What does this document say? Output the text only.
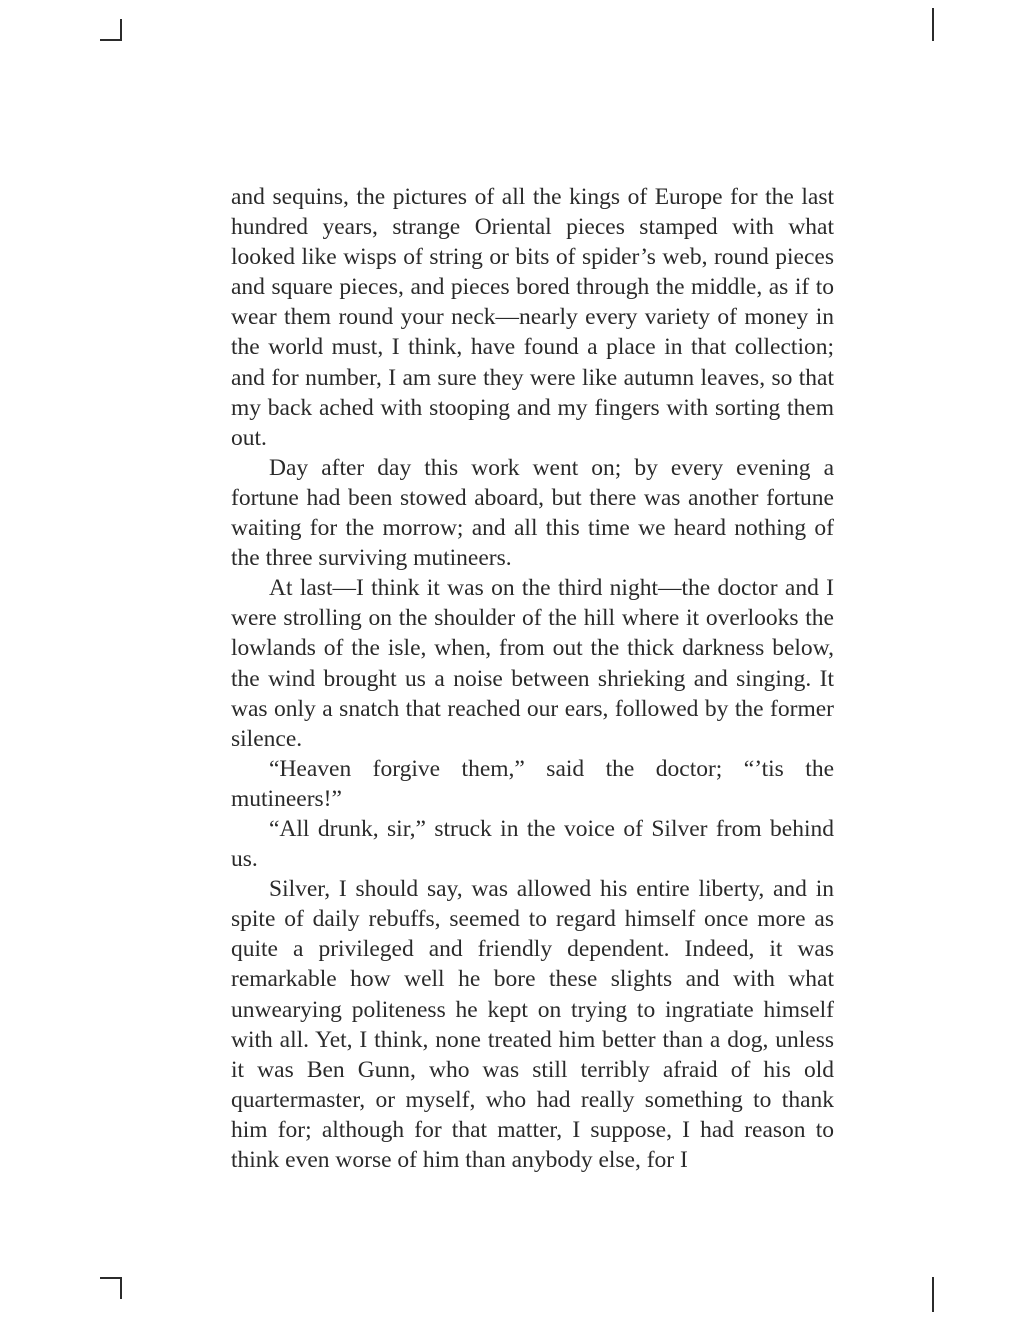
and sequins, the pictures of all the kings of Europe for the last hundred years, strange Oriental pieces stamped with what looked like wisps of string or bits of spider’s web, round pieces and square pieces, and pieces bored through the middle, as if to wear them round your neck—nearly every variety of money in the world must, I think, have found a place in that collection; and for number, I am sure they were like autumn leaves, so that my back ached with stooping and my fingers with sorting them out.

Day after day this work went on; by every evening a fortune had been stowed aboard, but there was another fortune waiting for the morrow; and all this time we heard nothing of the three surviving mutineers.

At last—I think it was on the third night—the doctor and I were strolling on the shoulder of the hill where it overlooks the lowlands of the isle, when, from out the thick darkness below, the wind brought us a noise between shrieking and singing. It was only a snatch that reached our ears, followed by the former silence.

“Heaven forgive them,” said the doctor; “’tis the mutineers!”

“All drunk, sir,” struck in the voice of Silver from behind us.

Silver, I should say, was allowed his entire liberty, and in spite of daily rebuffs, seemed to regard himself once more as quite a privileged and friendly dependent. Indeed, it was remarkable how well he bore these slights and with what unwearying politeness he kept on trying to ingratiate himself with all. Yet, I think, none treated him better than a dog, unless it was Ben Gunn, who was still terribly afraid of his old quartermaster, or myself, who had really something to thank him for; although for that matter, I suppose, I had reason to think even worse of him than anybody else, for I
